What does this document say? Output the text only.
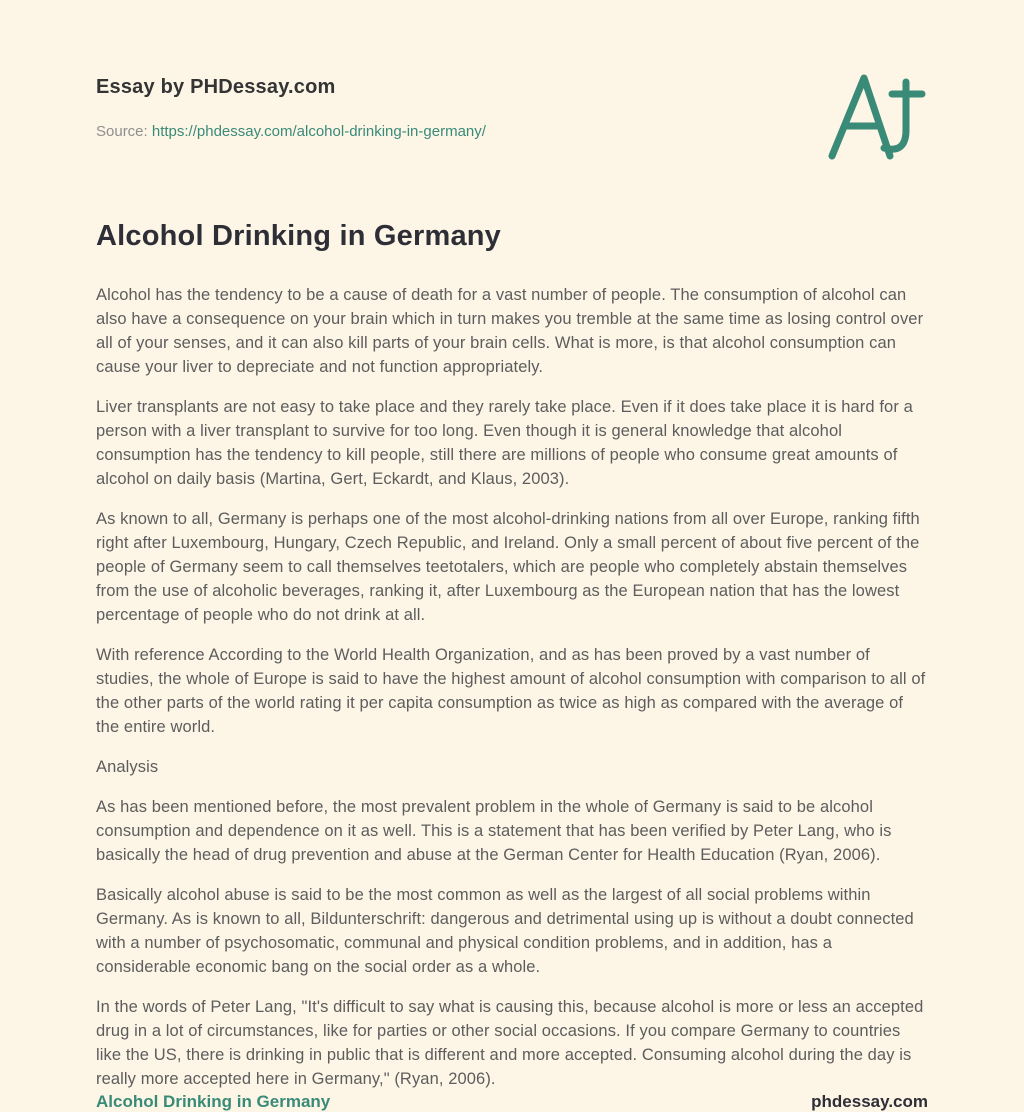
Essay by PHDessay.com
Source: https://phdessay.com/alcohol-drinking-in-germany/
Alcohol Drinking in Germany

Alcohol has the tendency to be a cause of death for a vast number of people. The consumption of alcohol can also have a consequence on your brain which in turn makes you tremble at the same time as losing control over all of your senses, and it can also kill parts of your brain cells. What is more, is that alcohol consumption can cause your liver to depreciate and not function appropriately.

Liver transplants are not easy to take place and they rarely take place. Even if it does take place it is hard for a person with a liver transplant to survive for too long. Even though it is general knowledge that alcohol consumption has the tendency to kill people, still there are millions of people who consume great amounts of alcohol on daily basis (Martina, Gert, Eckardt, and Klaus, 2003).

As known to all, Germany is perhaps one of the most alcohol-drinking nations from all over Europe, ranking fifth right after Luxembourg, Hungary, Czech Republic, and Ireland. Only a small percent of about five percent of the people of Germany seem to call themselves teetotalers, which are people who completely abstain themselves from the use of alcoholic beverages, ranking it, after Luxembourg as the European nation that has the lowest percentage of people who do not drink at all.

With reference According to the World Health Organization, and as has been proved by a vast number of studies, the whole of Europe is said to have the highest amount of alcohol consumption with comparison to all of the other parts of the world rating it per capita consumption as twice as high as compared with the average of the entire world.

Analysis

As has been mentioned before, the most prevalent problem in the whole of Germany is said to be alcohol consumption and dependence on it as well. This is a statement that has been verified by Peter Lang, who is basically the head of drug prevention and abuse at the German Center for Health Education (Ryan, 2006).

Basically alcohol abuse is said to be the most common as well as the largest of all social problems within Germany. As is known to all, Bildunterschrift: dangerous and detrimental using up is without a doubt connected with a number of psychosomatic, communal and physical condition problems, and in addition, has a considerable economic bang on the social order as a whole.

In the words of Peter Lang, "It's difficult to say what is causing this, because alcohol is more or less an accepted drug in a lot of circumstances, like for parties or other social occasions. If you compare Germany to countries like the US, there is drinking in public that is different and more accepted. Consuming alcohol during the day is really more accepted here in Germany," (Ryan, 2006).

Alcohol Drinking in Germany	phdessay.com
